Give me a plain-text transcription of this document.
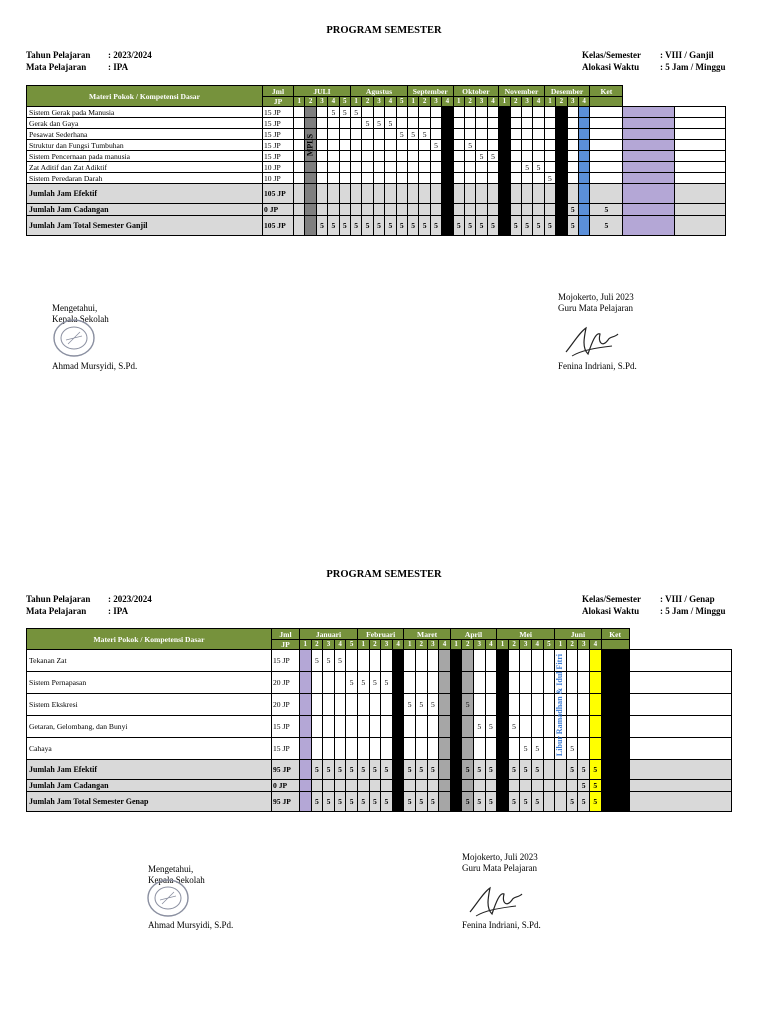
PROGRAM SEMESTER
Tahun Pelajaran : 2023/2024
Mata Pelajaran : IPA
Kelas/Semester : VIII / Ganjil
Alokasi Waktu : 5 Jam / Minggu
Materi Pokok / Kompetensi Dasar	Jml	JULI					Agustus					September				Oktober				November				Desember				Ket		
	JP	1	2	3	4	5	1	2	3	4	5	1	2	3	4	1	2	3	4	1	2	3	4	1	2	3	4			
Sistem Gerak pada Manusia	15 JP				5	5	5																							
Gerak dan Gaya	15 JP							5	5	5																				
Pesawat Sederhana	15 JP										5	5	5																	
Struktur dan Fungsi Tumbuhan	15 JP													5	5		5													
Sistem Pencernaan pada manusia	15 JP																	5	5	5										
Zat Aditif dan Zat Adiktif	10 JP																					5	5							
Sistem Peredaran Darah	10 JP																							5	5					
Jumlah Jam Efektif	105 JP																													
Jumlah Jam Cadangan	0 JP																									5		5		
Jumlah Jam Total Semester Ganjil	105 JP			5	5	5	5	5	5	5	5	5	5	5		5	5	5	5		5	5	5	5		5		5		
MPLS
Mengetahui,
Kepala Sekolah
Ahmad Mursyidi, S.Pd.
Mojokerto, Juli 2023
Guru Mata Pelajaran
Fenina Indriani, S.Pd.
PROGRAM SEMESTER
Tahun Pelajaran : 2023/2024
Mata Pelajaran : IPA
Kelas/Semester : VIII / Genap
Alokasi Waktu : 5 Jam / Minggu
Materi Pokok / Kompetensi Dasar	Jml	Januari					Februari				Maret				April				Mei					Juni				Ket	
	JP	1	2	3	4	5	1	2	3	4	1	2	3	4	1	2	3	4	1	2	3	4	5	1	2	3	4		
Tekanan Zat	15 JP		5	5	5																								
Sistem Pernapasan	20 JP					5	5	5	5																				
Sistem Ekskresi	20 JP										5	5	5			5													
Getaran, Gelombang, dan Bunyi	15 JP																5	5		5									
Cahaya	15 JP																				5	5			5				
Jumlah Jam Efektif	95 JP		5	5	5	5	5	5	5		5	5	5			5	5	5		5	5	5			5	5	5		
Jumlah Jam Cadangan	0 JP																									5	5		
Jumlah Jam Total Semester Genap	95 JP		5	5	5	5	5	5	5		5	5	5			5	5	5		5	5	5			5	5	5		
Libur Ramadhan & Idul Fitri
Mengetahui,
Kepala Sekolah
Ahmad Mursyidi, S.Pd.
Mojokerto, Juli 2023
Guru Mata Pelajaran
Fenina Indriani, S.Pd.
